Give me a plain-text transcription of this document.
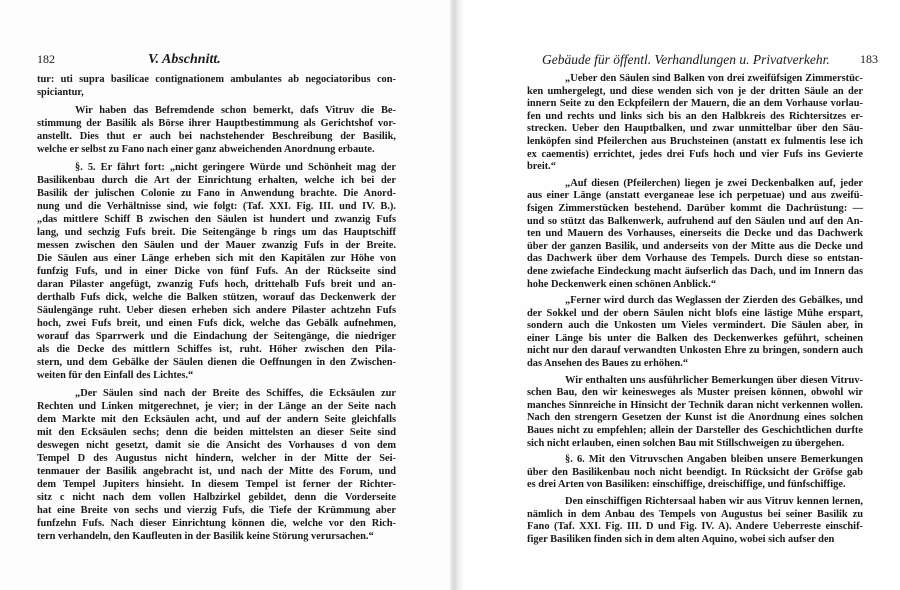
182	V. Abschnitt.
tur: uti supra basilicae contignationem ambulantes ab negociatoribus con-
spiciantur,
Wir haben das Befremdende schon bemerkt, dafs Vitruv die Be-
stimmung der Basilik als Börse ihrer Hauptbestimmung als Gerichtshof vor-
anstellt. Dies thut er auch bei nachstehender Beschreibung der Basilik,
welche er selbst zu Fano nach einer ganz abweichenden Anordnung erbaute.
§. 5. Er fährt fort: „nicht geringere Würde und Schönheit mag der
Basilikenbau durch die Art der Einrichtung erhalten, welche ich bei der
Basilik der julischen Colonie zu Fano in Anwendung brachte. Die Anord-
nung und die Verhältnisse sind, wie folgt: (Taf. XXI. Fig. III. und IV. B.).
„das mittlere Schiff B zwischen den Säulen ist hundert und zwanzig Fufs
lang, und sechzig Fufs breit. Die Seitengänge b rings um das Hauptschiff
messen zwischen den Säulen und der Mauer zwanzig Fufs in der Breite.
Die Säulen aus einer Länge erheben sich mit den Kapitälen zur Höhe von
funfzig Fufs, und in einer Dicke von fünf Fufs. An der Rückseite sind
daran Pilaster angefügt, zwanzig Fufs hoch, drittehalb Fufs breit und an-
derthalb Fufs dick, welche die Balken stützen, worauf das Deckenwerk der
Säulengänge ruht. Ueber diesen erheben sich andere Pilaster achtzehn Fufs
hoch, zwei Fufs breit, und einen Fufs dick, welche das Gebälk aufnehmen,
worauf das Sparrwerk und die Eindachung der Seitengänge, die niedriger
als die Decke des mittlern Schiffes ist, ruht. Höher zwischen den Pila-
stern, und dem Gebälke der Säulen dienen die Oeffnungen in den Zwischen-
weiten für den Einfall des Lichtes.“
„Der Säulen sind nach der Breite des Schiffes, die Ecksäulen zur
Rechten und Linken mitgerechnet, je vier; in der Länge an der Seite nach
dem Markte mit den Ecksäulen acht, und auf der andern Seite gleichfalls
mit den Ecksäulen sechs; denn die beiden mittelsten an dieser Seite sind
deswegen nicht gesetzt, damit sie die Ansicht des Vorhauses d von dem
Tempel D des Augustus nicht hindern, welcher in der Mitte der Sei-
tenmauer der Basilik angebracht ist, und nach der Mitte des Forum, und
dem Tempel Jupiters hinsieht. In diesem Tempel ist ferner der Richter-
sitz c nicht nach dem vollen Halbzirkel gebildet, denn die Vorderseite
hat eine Breite von sechs und vierzig Fufs, die Tiefe der Krümmung aber
funfzehn Fufs. Nach dieser Einrichtung können die, welche vor den Rich-
tern verhandeln, den Kaufleuten in der Basilik keine Störung verursachen.“
Gebäude für öffentl. Verhandlungen u. Privatverkehr.	183
„Ueber den Säulen sind Balken von drei zweifüfsigen Zimmerstüc-
ken umhergelegt, und diese wenden sich von je der dritten Säule an der
innern Seite zu den Eckpfeilern der Mauern, die an dem Vorhause vorlau-
fen und rechts und links sich bis an den Halbkreis des Richtersitzes er-
strecken. Ueber den Hauptbalken, und zwar unmittelbar über den Säu-
lenköpfen sind Pfeilerchen aus Bruchsteinen (anstatt ex fulmentis lese ich
ex caementis) errichtet, jedes drei Fufs hoch und vier Fufs ins Gevierte
breit.“
„Auf diesen (Pfeilerchen) liegen je zwei Deckenbalken auf, jeder
aus einer Länge (anstatt everganeae lese ich perpetuae) und aus zweifü-
fsigen Zimmerstücken bestehend. Darüber kommt die Dachrüstung: —
und so stützt das Balkenwerk, aufruhend auf den Säulen und auf den An-
ten und Mauern des Vorhauses, einerseits die Decke und das Dachwerk
über der ganzen Basilik, und anderseits von der Mitte aus die Decke und
das Dachwerk über dem Vorhause des Tempels. Durch diese so entstan-
dene zwiefache Eindeckung macht äufserlich das Dach, und im Innern das
hohe Deckenwerk einen schönen Anblick.“
„Ferner wird durch das Weglassen der Zierden des Gebälkes, und
der Sokkel und der obern Säulen nicht blofs eine lästige Mühe erspart,
sondern auch die Unkosten um Vieles vermindert. Die Säulen aber, in
einer Länge bis unter die Balken des Deckenwerkes geführt, scheinen
nicht nur den darauf verwandten Unkosten Ehre zu bringen, sondern auch
das Ansehen des Baues zu erhöhen.“
Wir enthalten uns ausführlicher Bemerkungen über diesen Vitruv-
schen Bau, den wir keinesweges als Muster preisen können, obwohl wir
manches Sinnreiche in Hinsicht der Technik daran nicht verkennen wollen.
Nach den strengern Gesetzen der Kunst ist die Anordnung eines solchen
Baues nicht zu empfehlen; allein der Darsteller des Geschichtlichen durfte
sich nicht erlauben, einen solchen Bau mit Stillschweigen zu übergehen.
§. 6. Mit den Vitruvschen Angaben bleiben unsere Bemerkungen
über den Basilikenbau noch nicht beendigt. In Rücksicht der Gröfse gab
es drei Arten von Basiliken: einschiffige, dreischiffige, und fünfschiffige.
Den einschiffigen Richtersaal haben wir aus Vitruv kennen lernen,
nämlich in dem Anbau des Tempels von Augustus bei seiner Basilik zu
Fano (Taf. XXI. Fig. III. D und Fig. IV. A). Andere Ueberreste einschif-
figer Basiliken finden sich in dem alten Aquino, wobei sich aufser den
